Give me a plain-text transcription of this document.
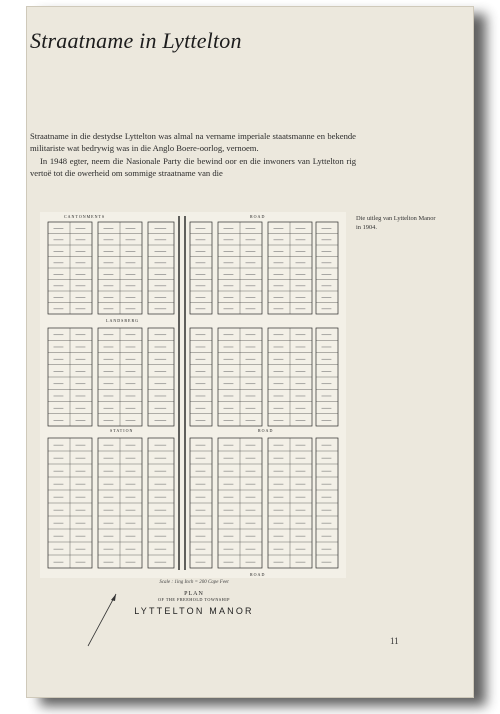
Straatname in Lyttelton

Straatname in die destydse Lyttelton was almal na vername imperiale staatsmanne en bekende militariste wat bedrywig was in die Anglo Boere-oorlog, vernoem.

In 1948 egter, neem die Nasionale Party die bewind oor en die inwoners van Lyttelton rig vertoë tot die owerheid om sommige straatname van die

Die uitleg van Lyttelton Manor in 1904.
CANTONMENTS	ROAD
LANDSBERG
STATION	ROAD
ROAD
Scale : 1ing Inch = 200 Cape Feet
PLAN
OF THE FREEHOLD TOWNSHIP
LYTTELTON MANOR
11
